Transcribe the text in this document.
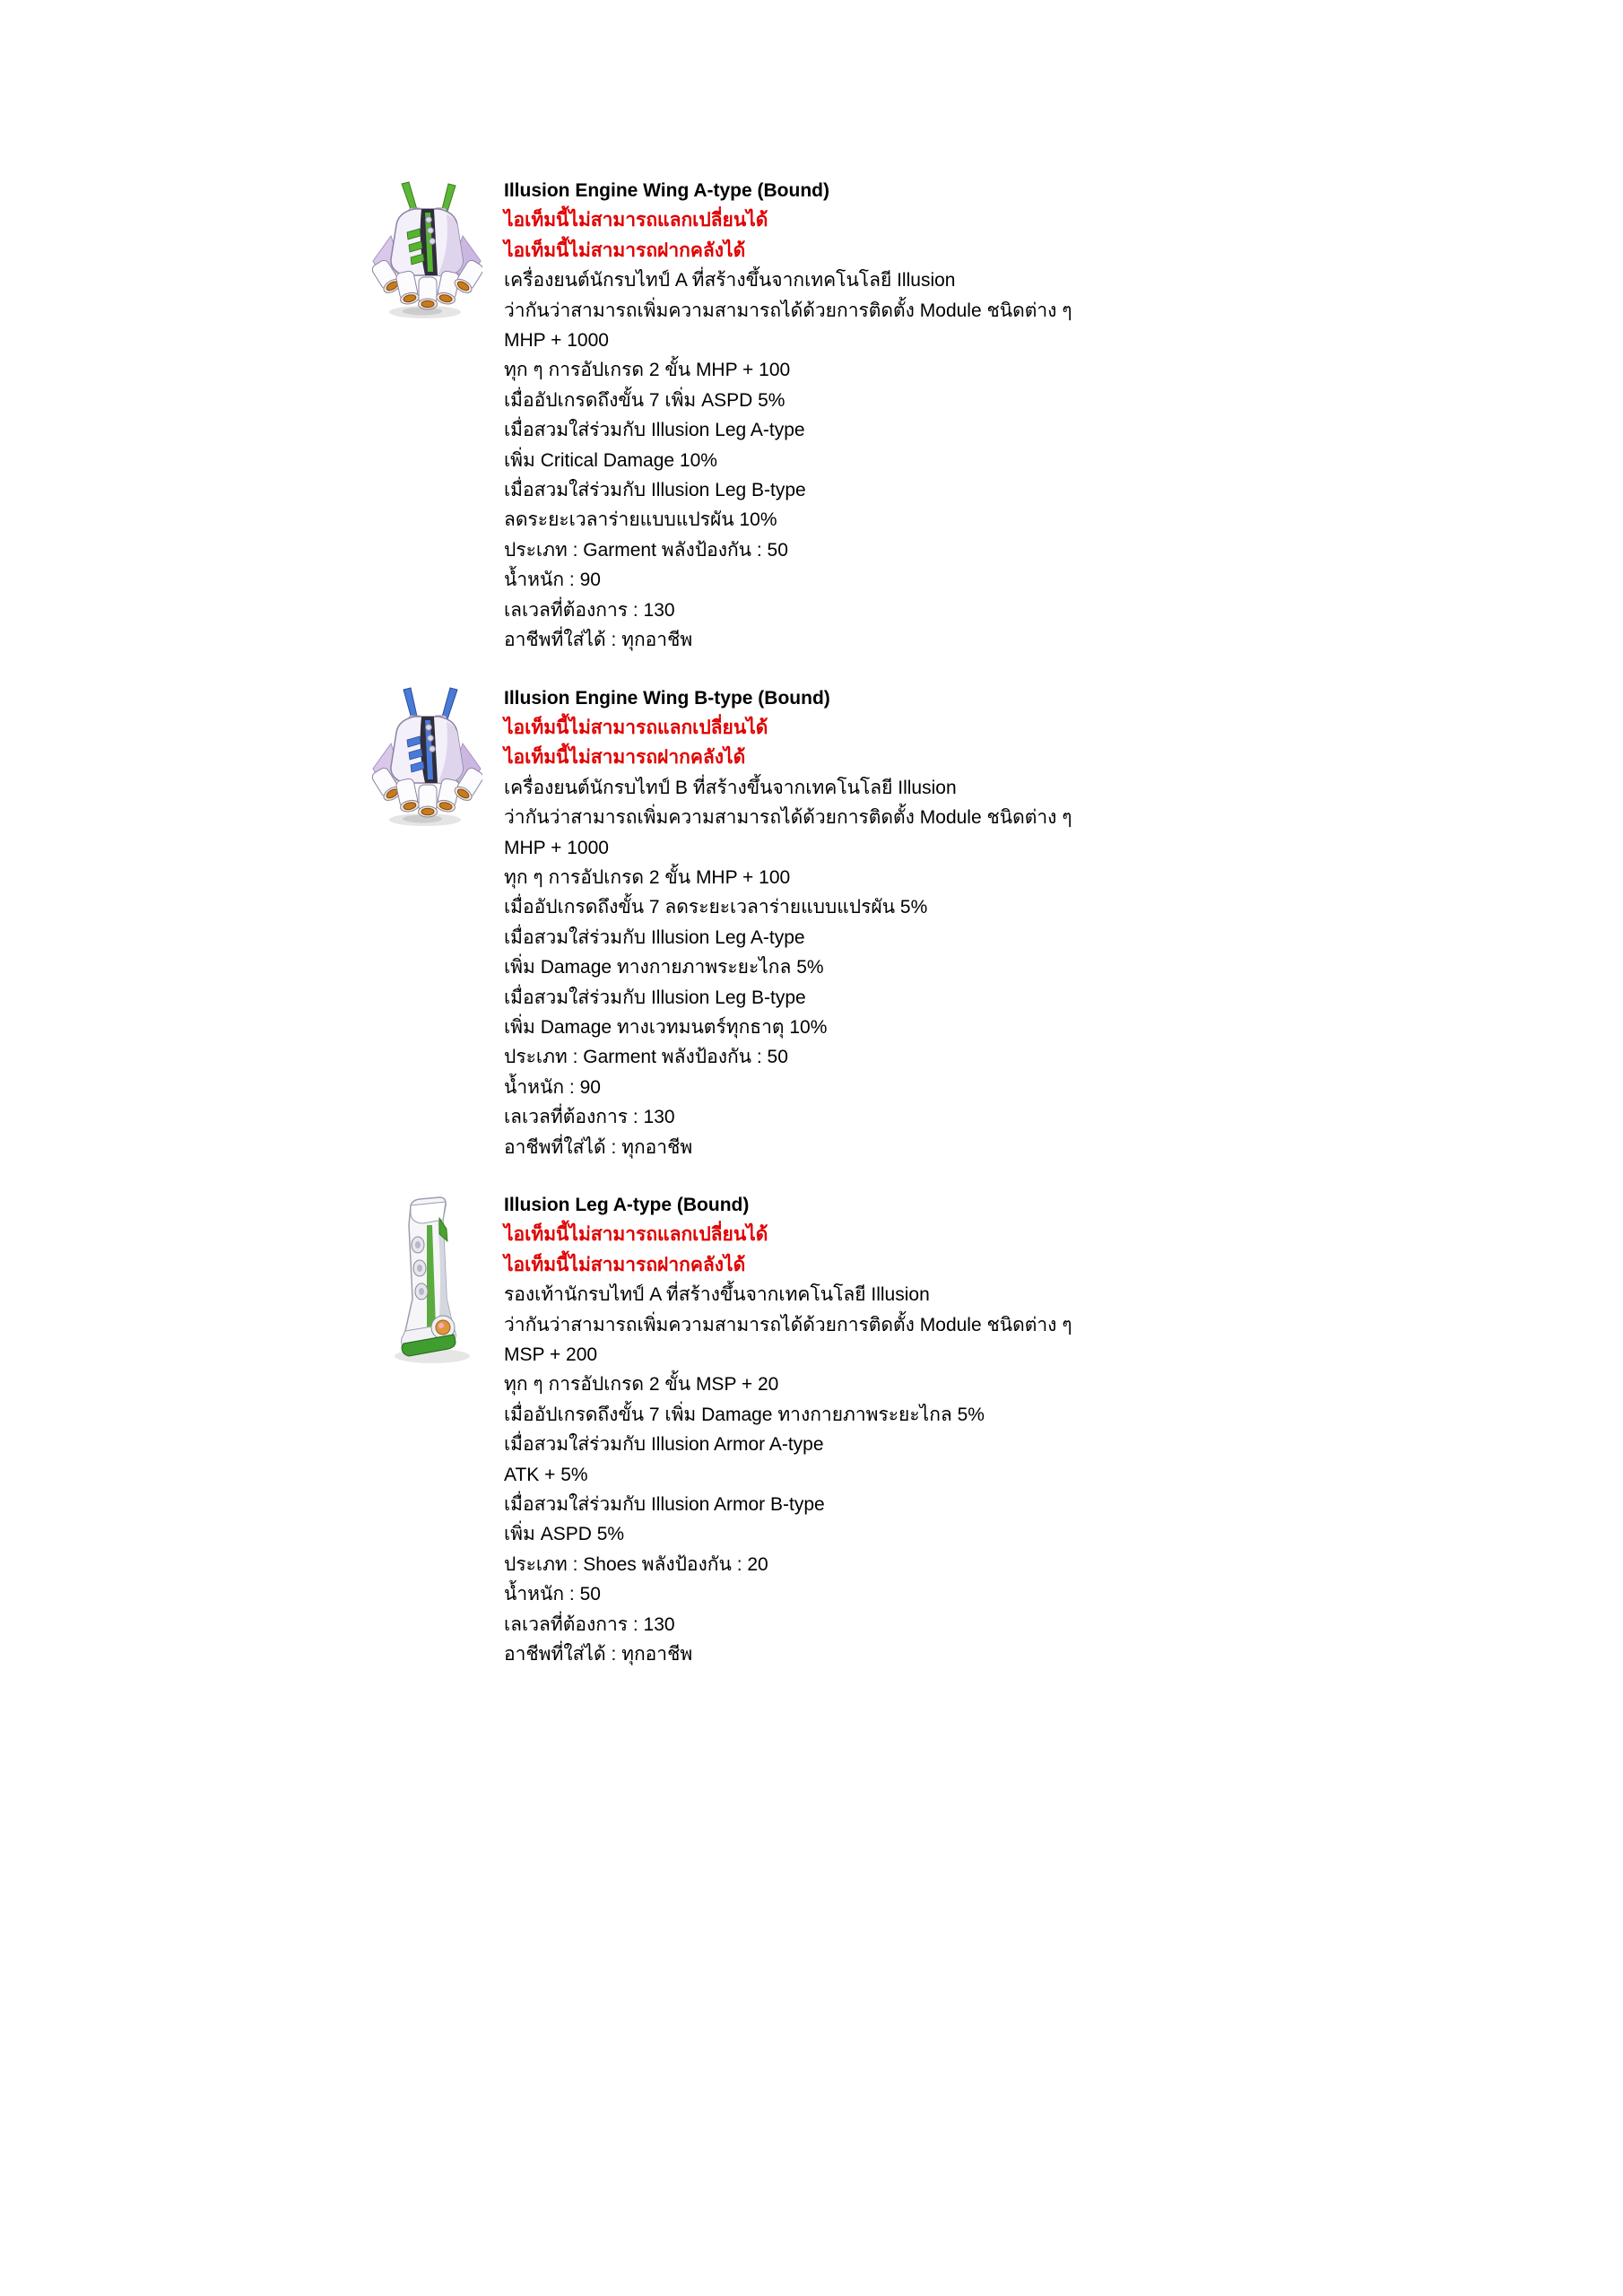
Illusion Engine Wing A-type (Bound)

ไอเท็มนี้ไม่สามารถแลกเปลี่ยนได้

ไอเท็มนี้ไม่สามารถฝากคลังได้

เครื่องยนต์นักรบไทป์ A ที่สร้างขึ้นจากเทคโนโลยี Illusion

ว่ากันว่าสามารถเพิ่มความสามารถได้ด้วยการติดตั้ง Module ชนิดต่าง ๆ

MHP + 1000

ทุก ๆ การอัปเกรด 2 ขั้น MHP + 100

เมื่ออัปเกรดถึงขั้น 7 เพิ่ม ASPD 5%

เมื่อสวมใส่ร่วมกับ Illusion Leg A-type

เพิ่ม Critical Damage 10%

เมื่อสวมใส่ร่วมกับ Illusion Leg B-type

ลดระยะเวลาร่ายแบบแปรผัน 10%

ประเภท : Garment พลังป้องกัน : 50

น้ำหนัก : 90

เลเวลที่ต้องการ : 130

อาชีพที่ใส่ได้ : ทุกอาชีพ

Illusion Engine Wing B-type (Bound)

ไอเท็มนี้ไม่สามารถแลกเปลี่ยนได้

ไอเท็มนี้ไม่สามารถฝากคลังได้

เครื่องยนต์นักรบไทป์ B ที่สร้างขึ้นจากเทคโนโลยี Illusion

ว่ากันว่าสามารถเพิ่มความสามารถได้ด้วยการติดตั้ง Module ชนิดต่าง ๆ

MHP + 1000

ทุก ๆ การอัปเกรด 2 ขั้น MHP + 100

เมื่ออัปเกรดถึงขั้น 7 ลดระยะเวลาร่ายแบบแปรผัน 5%

เมื่อสวมใส่ร่วมกับ Illusion Leg A-type

เพิ่ม Damage ทางกายภาพระยะไกล 5%

เมื่อสวมใส่ร่วมกับ Illusion Leg B-type

เพิ่ม Damage ทางเวทมนตร์ทุกธาตุ 10%

ประเภท : Garment พลังป้องกัน : 50

น้ำหนัก : 90

เลเวลที่ต้องการ : 130

อาชีพที่ใส่ได้ : ทุกอาชีพ

Illusion Leg A-type (Bound)

ไอเท็มนี้ไม่สามารถแลกเปลี่ยนได้

ไอเท็มนี้ไม่สามารถฝากคลังได้

รองเท้านักรบไทป์ A ที่สร้างขึ้นจากเทคโนโลยี Illusion

ว่ากันว่าสามารถเพิ่มความสามารถได้ด้วยการติดตั้ง Module ชนิดต่าง ๆ

MSP + 200

ทุก ๆ การอัปเกรด 2 ขั้น MSP + 20

เมื่ออัปเกรดถึงขั้น 7 เพิ่ม Damage ทางกายภาพระยะไกล 5%

เมื่อสวมใส่ร่วมกับ Illusion Armor A-type

ATK + 5%

เมื่อสวมใส่ร่วมกับ Illusion Armor B-type

เพิ่ม ASPD 5%

ประเภท : Shoes พลังป้องกัน : 20

น้ำหนัก : 50

เลเวลที่ต้องการ : 130

อาชีพที่ใส่ได้ : ทุกอาชีพ
